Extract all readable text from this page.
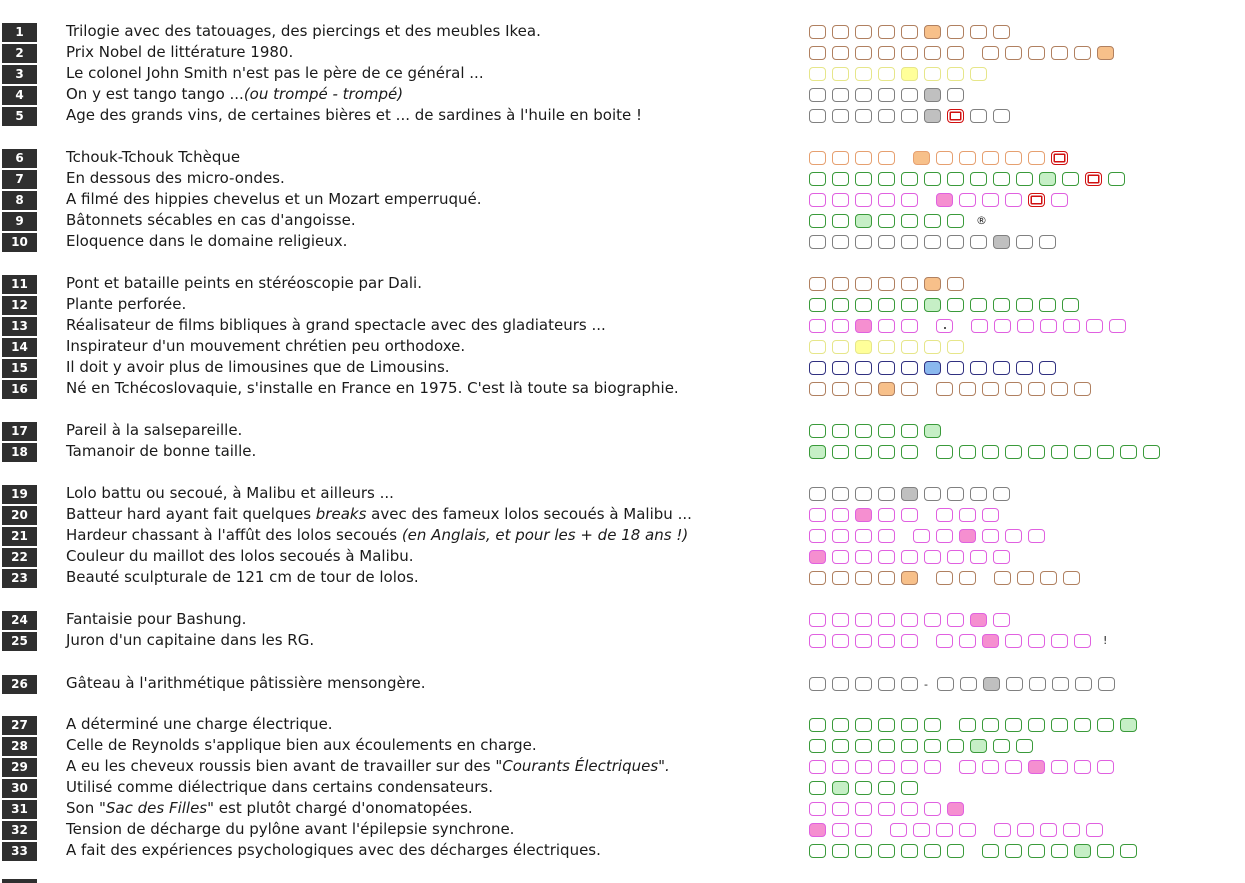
1	Trilogie avec des tatouages, des piercings et des meubles Ikea.
2	Prix Nobel de littérature 1980.
3	Le colonel John Smith n'est pas le père de ce général ...
4	On y est tango tango ...(ou trompé - trompé)
5	Age des grands vins, de certaines bières et ... de sardines à l'huile en boite !
6	Tchouk-Tchouk Tchèque
7	En dessous des micro-ondes.
8	A filmé des hippies chevelus et un Mozart emperruqué.
9	Bâtonnets sécables en cas d'angoisse.	®
10	Eloquence dans le domaine religieux.
11	Pont et bataille peints en stéréoscopie par Dali.
12	Plante perforée.
13	Réalisateur de films bibliques à grand spectacle avec des gladiateurs ...
14	Inspirateur d'un mouvement chrétien peu orthodoxe.
15	Il doit y avoir plus de limousines que de Limousins.
16	Né en Tchécoslovaquie, s'installe en France en 1975. C'est là toute sa biographie.
17	Pareil à la salsepareille.
18	Tamanoir de bonne taille.
19	Lolo battu ou secoué, à Malibu et ailleurs ...
20	Batteur hard ayant fait quelques breaks avec des fameux lolos secoués à Malibu ...
21	Hardeur chassant à l'affût des lolos secoués (en Anglais, et pour les + de 18 ans !)
22	Couleur du maillot des lolos secoués à Malibu.
23	Beauté sculpturale de 121 cm de tour de lolos.
24	Fantaisie pour Bashung.
25	Juron d'un capitaine dans les RG.	!
26	Gâteau à l'arithmétique pâtissière mensongère.	-
27	A déterminé une charge électrique.
28	Celle de Reynolds s'applique bien aux écoulements en charge.
29	A eu les cheveux roussis bien avant de travailler sur des "Courants Électriques".
30	Utilisé comme diélectrique dans certains condensateurs.
31	Son "Sac des Filles" est plutôt chargé d'onomatopées.
32	Tension de décharge du pylône avant l'épilepsie synchrone.
33	A fait des expériences psychologiques avec des décharges électriques.
